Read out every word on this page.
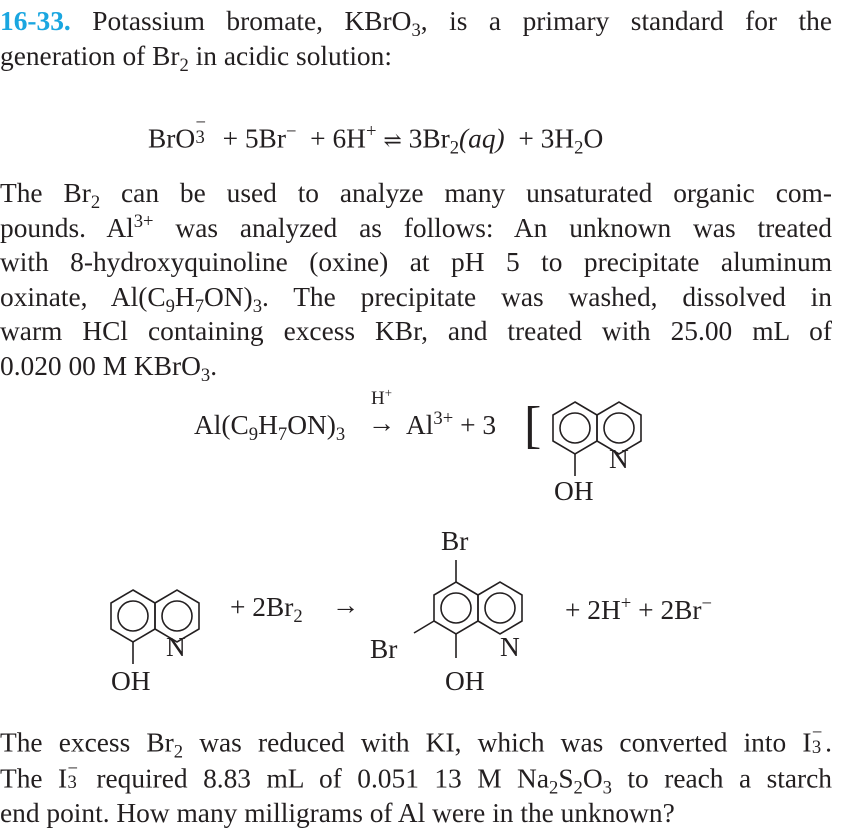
16-33. Potassium bromate, KBrO$_3$, is a primary standard for the
generation of $Br_2$ in acidic solution:
BrO
−
3 + 5Br− + 6H+ ⇌ $3Br_2(aq) + 3H_2O$
The $Br_2$ can be used to analyze many unsaturated organic com-
pounds. $Al^{3+}$ was analyzed as follows: An unknown was treated
with 8-hydroxyquinoline (oxine) at pH 5 to precipitate aluminum
oxinate, $Al(C_9H_7ON)_3$. The precipitate was washed, dissolved in
warm HCl containing excess KBr, and treated with 25.00 mL of
0.020 00 M KBrO$_3$.
$Al(C_9H_7ON)_3$
H+
→ $Al^{3+} + 3$ [
N
OH
N
OH
+ $2Br_2$ →
Br
Br	N
OH
+ 2H+ + 2Br−
The excess $Br_2$ was reduced with KI, which was converted into I −
3 .
The I −
3 required 8.83 mL of 0.051 13 M $Na_2S_2O_3$ to reach a starch
end point. How many milligrams of Al were in the unknown?
